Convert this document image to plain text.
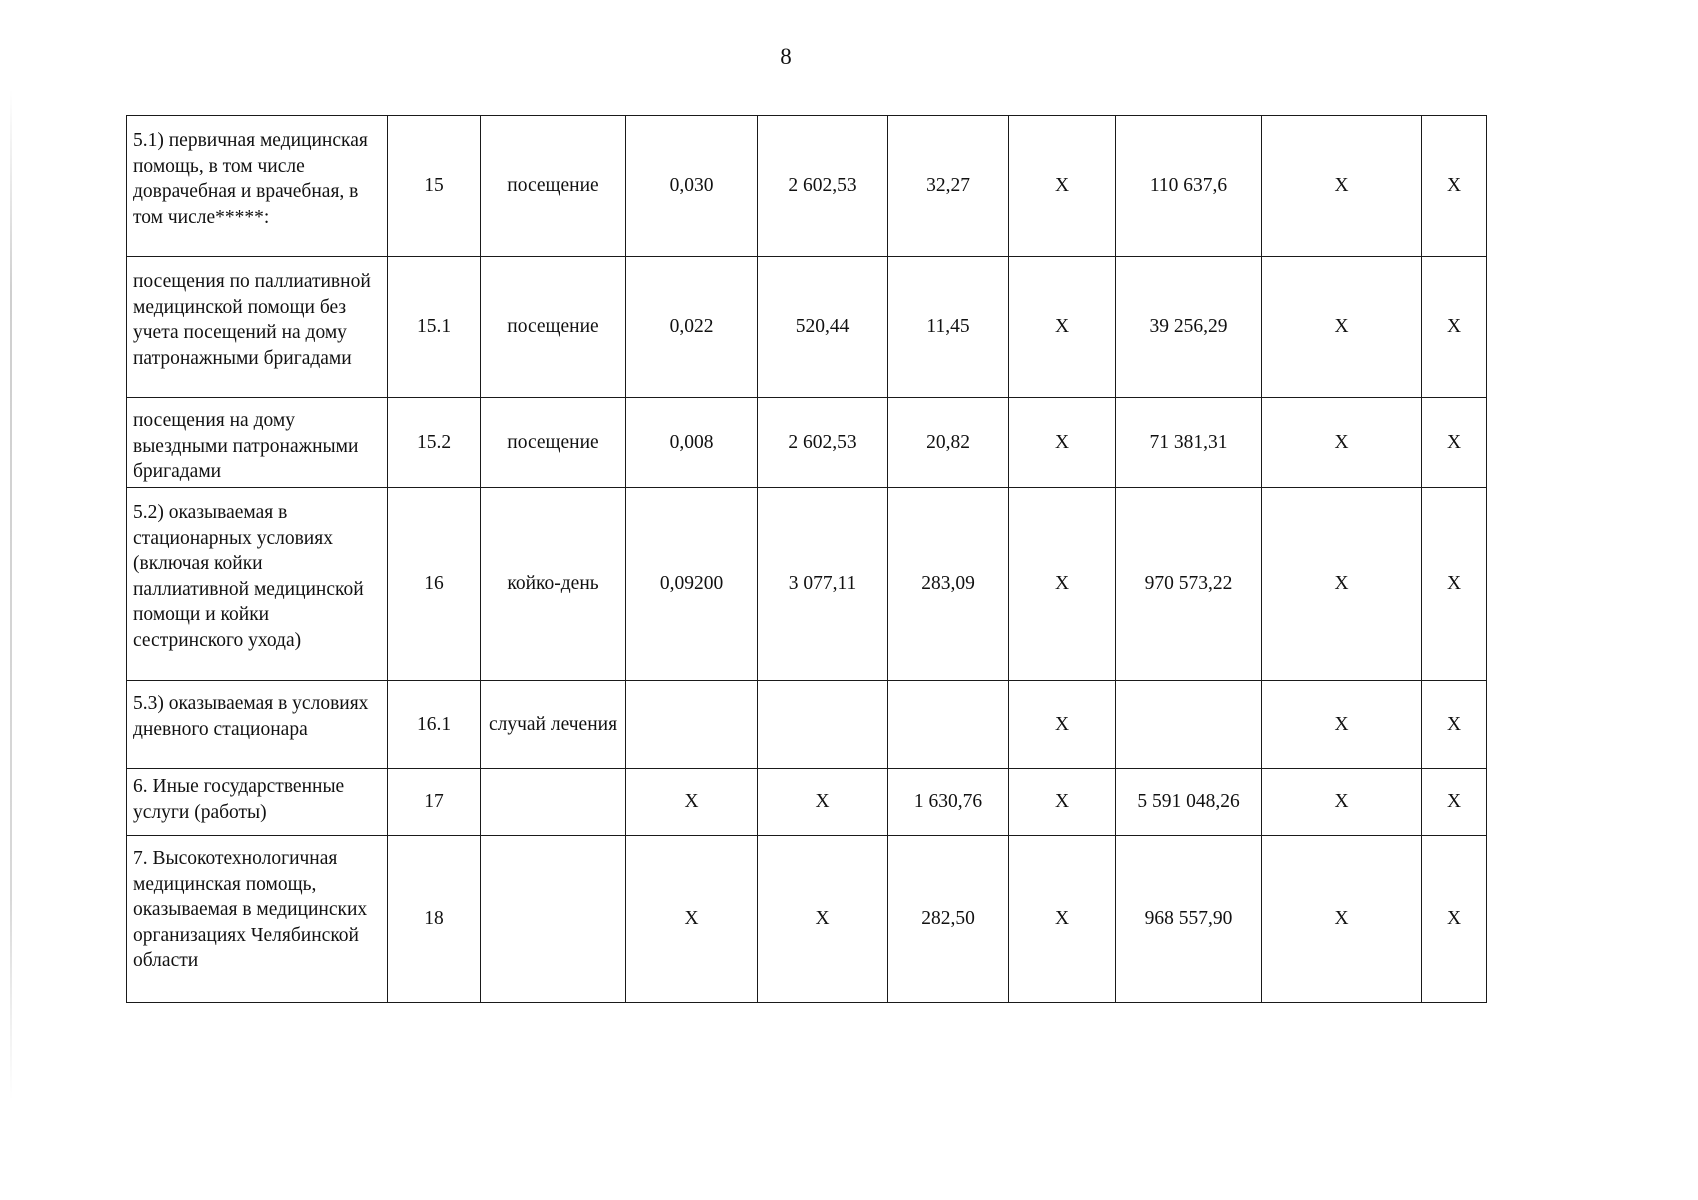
8
5.1) первичная медицинская помощь, в том числе доврачебная и врачебная, в том числе*****:	15	посещение	0,030	2 602,53	32,27	X	110 637,6	X	X
посещения по паллиативной медицинской помощи без учета посещений на дому патронажными бригадами	15.1	посещение	0,022	520,44	11,45	X	39 256,29	X	X
посещения на дому выездными патронажными бригадами	15.2	посещение	0,008	2 602,53	20,82	X	71 381,31	X	X
5.2) оказываемая в стационарных условиях (включая койки паллиативной медицинской помощи и койки сестринского ухода)	16	койко-день	0,09200	3 077,11	283,09	X	970 573,22	X	X
5.3) оказываемая в условиях дневного стационара	16.1	случай лечения				X		X	X
6. Иные государственные услуги (работы)	17		X	X	1 630,76	X	5 591 048,26	X	X
7. Высокотехнологичная медицинская помощь, оказываемая в медицинских организациях Челябинской области	18		X	X	282,50	X	968 557,90	X	X
